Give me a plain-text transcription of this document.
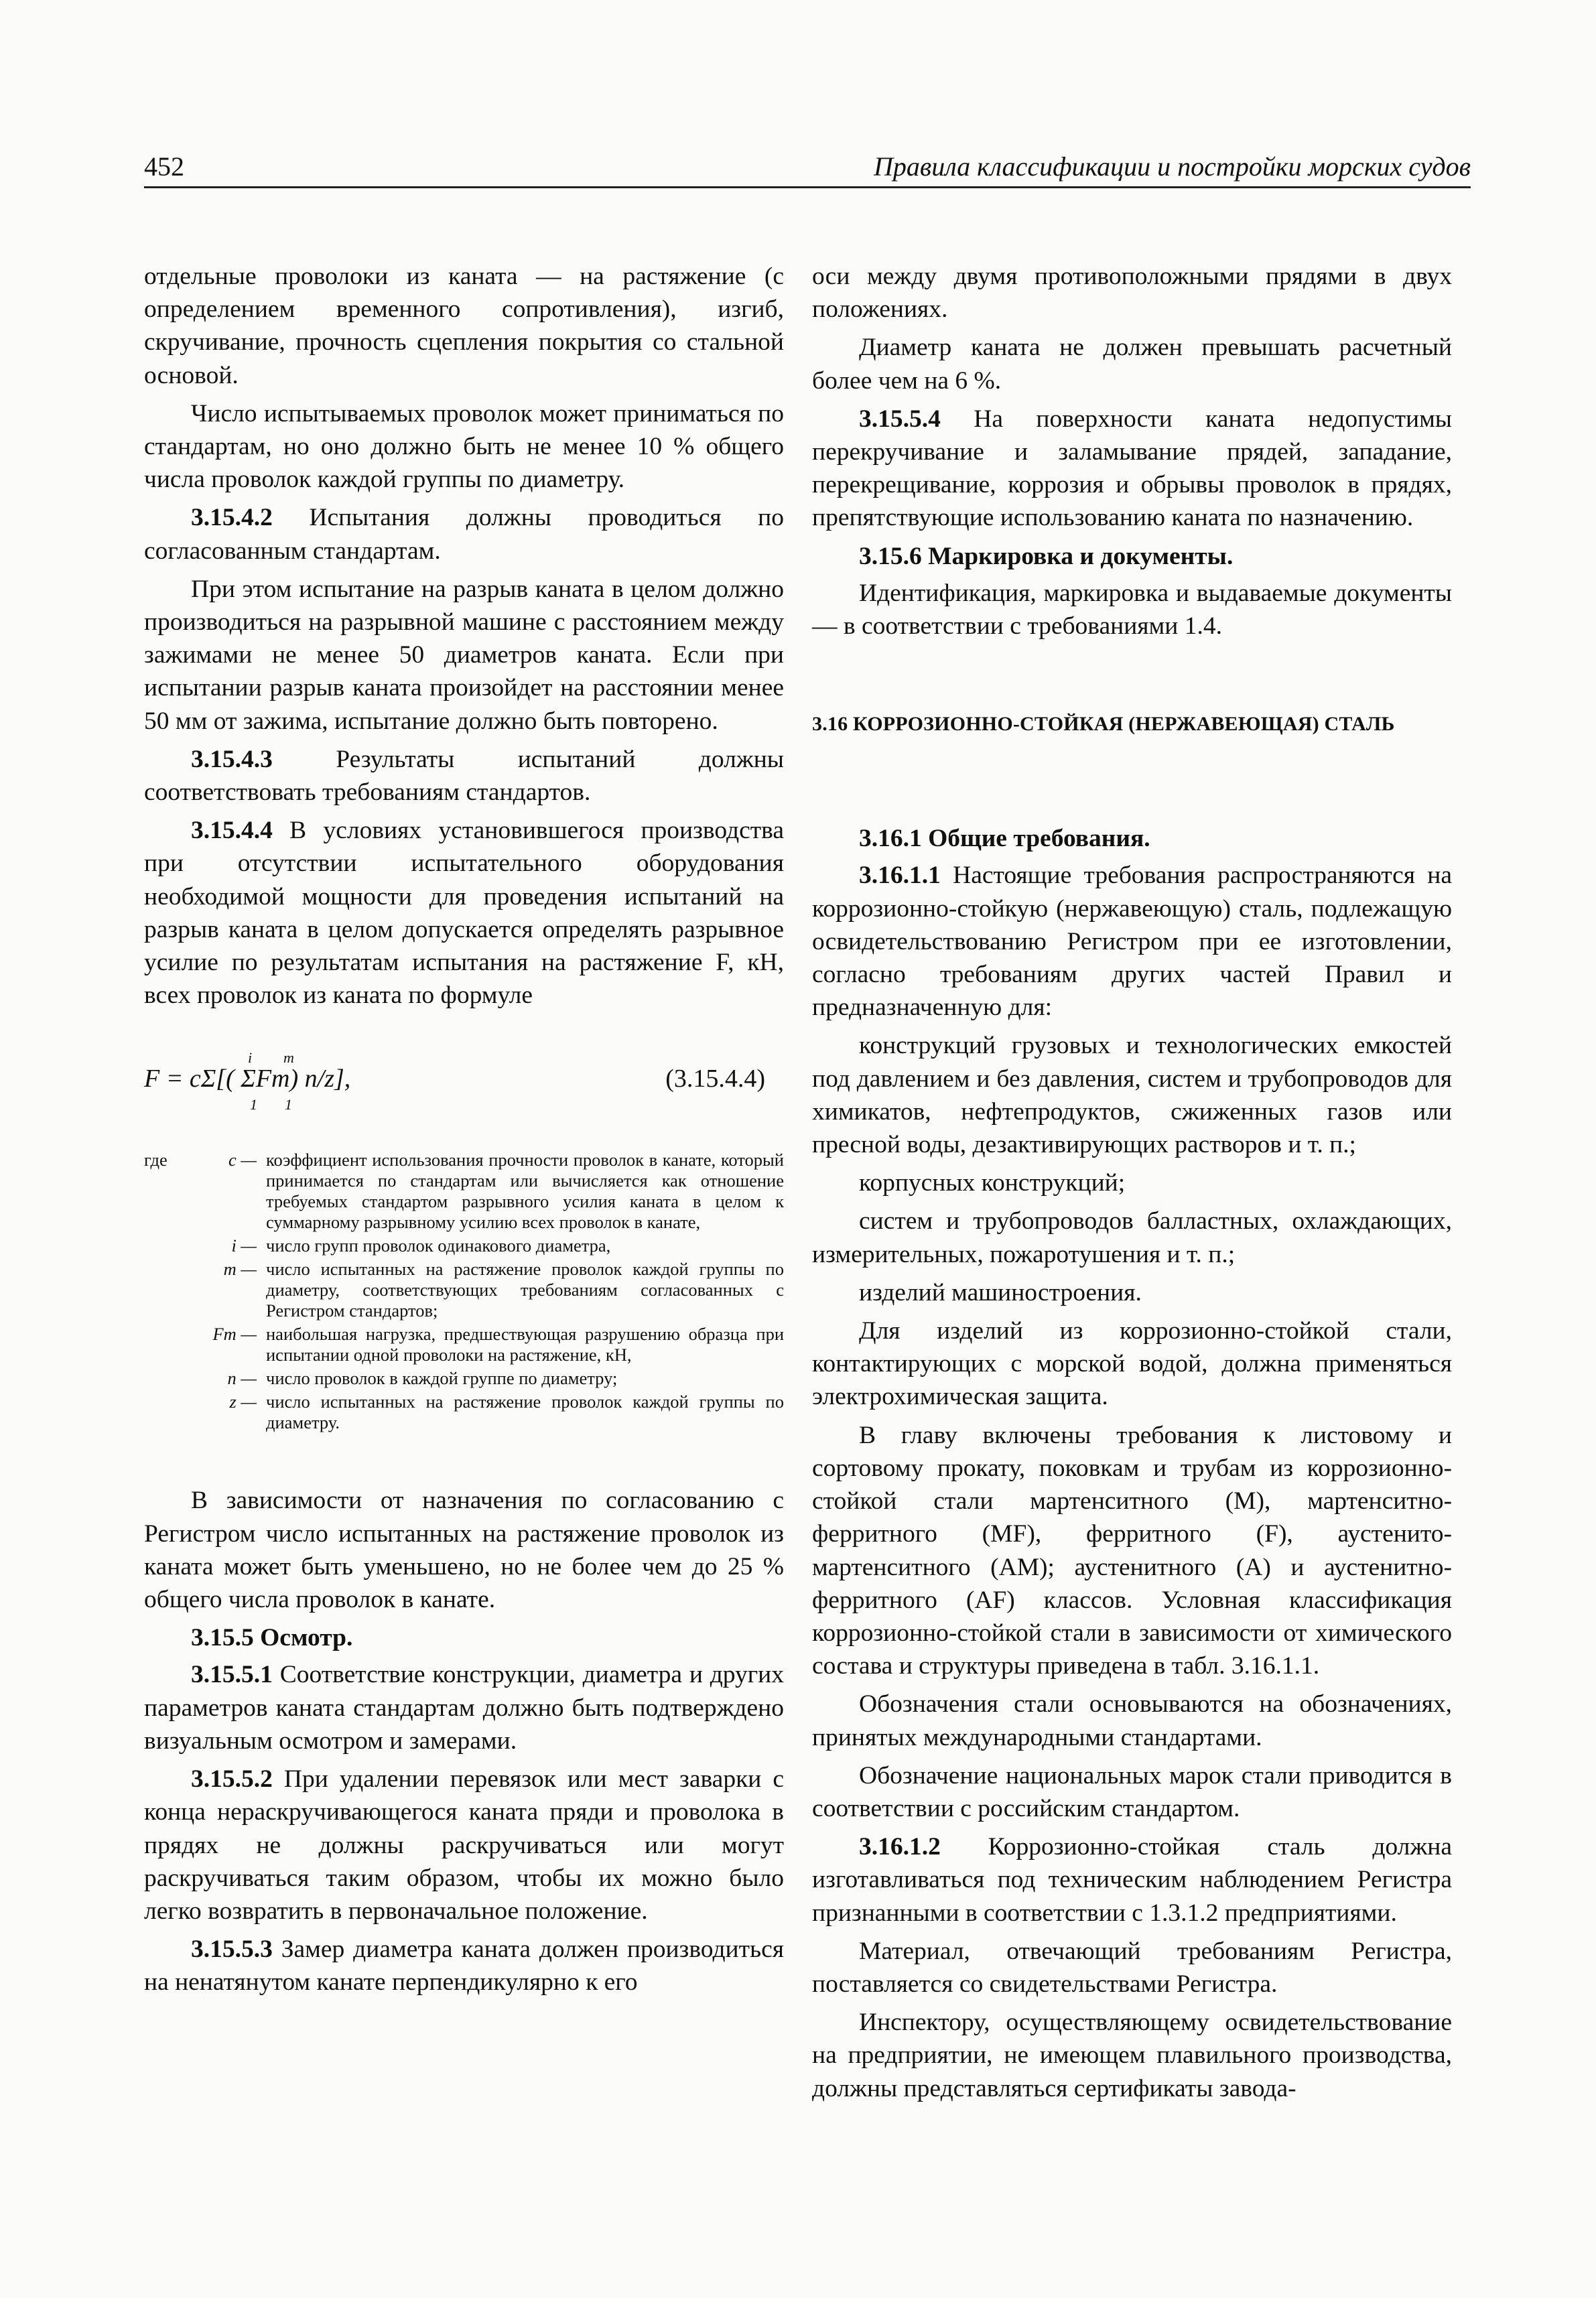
452	Правила классификации и постройки морских судов

отдельные проволоки из каната — на растяжение (с определением временного сопротивления), изгиб, скручивание, прочность сцепления покрытия со стальной основой.

Число испытываемых проволок может приниматься по стандартам, но оно должно быть не менее 10 % общего числа проволок каждой группы по диаметру.

3.15.4.2 Испытания должны проводиться по согласованным стандартам.

При этом испытание на разрыв каната в целом должно производиться на разрывной машине с расстоянием между зажимами не менее 50 диаметров каната. Если при испытании разрыв каната произойдет на расстоянии менее 50 мм от зажима, испытание должно быть повторено.

3.15.4.3 Результаты испытаний должны соответствовать требованиям стандартов.

3.15.4.4 В условиях установившегося производства при отсутствии испытательного оборудования необходимой мощности для проведения испытаний на разрыв каната в целом допускается определять разрывное усилие по результатам испытания на растяжение F, кН, всех проволок из каната по формуле

i m
F = cΣ[( ΣFm) n/z],
1 1
(3.15.4.4)
где	c — коэффициент использования прочности проволок в канате, который принимается по стандартам или вычисляется как отношение требуемых стандартом разрывного усилия каната в целом к суммарному разрывному усилию всех проволок в канате,
i — число групп проволок одинакового диаметра,
m — число испытанных на растяжение проволок каждой группы по диаметру, соответствующих требованиям согласованных с Регистром стандартов;
Fm — наибольшая нагрузка, предшествующая разрушению образца при испытании одной проволоки на растяжение, кН,
n — число проволок в каждой группе по диаметру;
z — число испытанных на растяжение проволок каждой группы по диаметру.

В зависимости от назначения по согласованию с Регистром число испытанных на растяжение проволок из каната может быть уменьшено, но не более чем до 25 % общего числа проволок в канате.

3.15.5 Осмотр.

3.15.5.1 Соответствие конструкции, диаметра и других параметров каната стандартам должно быть подтверждено визуальным осмотром и замерами.

3.15.5.2 При удалении перевязок или мест заварки с конца нераскручивающегося каната пряди и проволока в прядях не должны раскручиваться или могут раскручиваться таким образом, чтобы их можно было легко возвратить в первоначальное положение.

3.15.5.3 Замер диаметра каната должен производиться на ненатянутом канате перпендикулярно к его

оси между двумя противоположными прядями в двух положениях.

Диаметр каната не должен превышать расчетный более чем на 6 %.

3.15.5.4 На поверхности каната недопустимы перекручивание и заламывание прядей, западание, перекрещивание, коррозия и обрывы проволок в прядях, препятствующие использованию каната по назначению.

3.15.6 Маркировка и документы.

Идентификация, маркировка и выдаваемые документы — в соответствии с требованиями 1.4.

3.16 КОРРОЗИОННО-СТОЙКАЯ (НЕРЖАВЕЮЩАЯ) СТАЛЬ
3.16.1 Общие требования.

3.16.1.1 Настоящие требования распространяются на коррозионно-стойкую (нержавеющую) сталь, подлежащую освидетельствованию Регистром при ее изготовлении, согласно требованиям других частей Правил и предназначенную для:

конструкций грузовых и технологических емкостей под давлением и без давления, систем и трубопроводов для химикатов, нефтепродуктов, сжиженных газов или пресной воды, дезактивирующих растворов и т. п.;
корпусных конструкций;
систем и трубопроводов балластных, охлаждающих, измерительных, пожаротушения и т. п.;
изделий машиностроения.

Для изделий из коррозионно-стойкой стали, контактирующих с морской водой, должна применяться электрохимическая защита.

В главу включены требования к листовому и сортовому прокату, поковкам и трубам из коррозионно-стойкой стали мартенситного (M), мартенситно-ферритного (MF), ферритного (F), аустенито-мартенситного (AM); аустенитного (A) и аустенитно-ферритного (AF) классов. Условная классификация коррозионно-стойкой стали в зависимости от химического состава и структуры приведена в табл. 3.16.1.1.

Обозначения стали основываются на обозначениях, принятых международными стандартами.

Обозначение национальных марок стали приводится в соответствии с российским стандартом.

3.16.1.2 Коррозионно-стойкая сталь должна изготавливаться под техническим наблюдением Регистра признанными в соответствии с 1.3.1.2 предприятиями.

Материал, отвечающий требованиям Регистра, поставляется со свидетельствами Регистра.

Инспектору, осуществляющему освидетельствование на предприятии, не имеющем плавильного производства, должны представляться сертификаты завода-
